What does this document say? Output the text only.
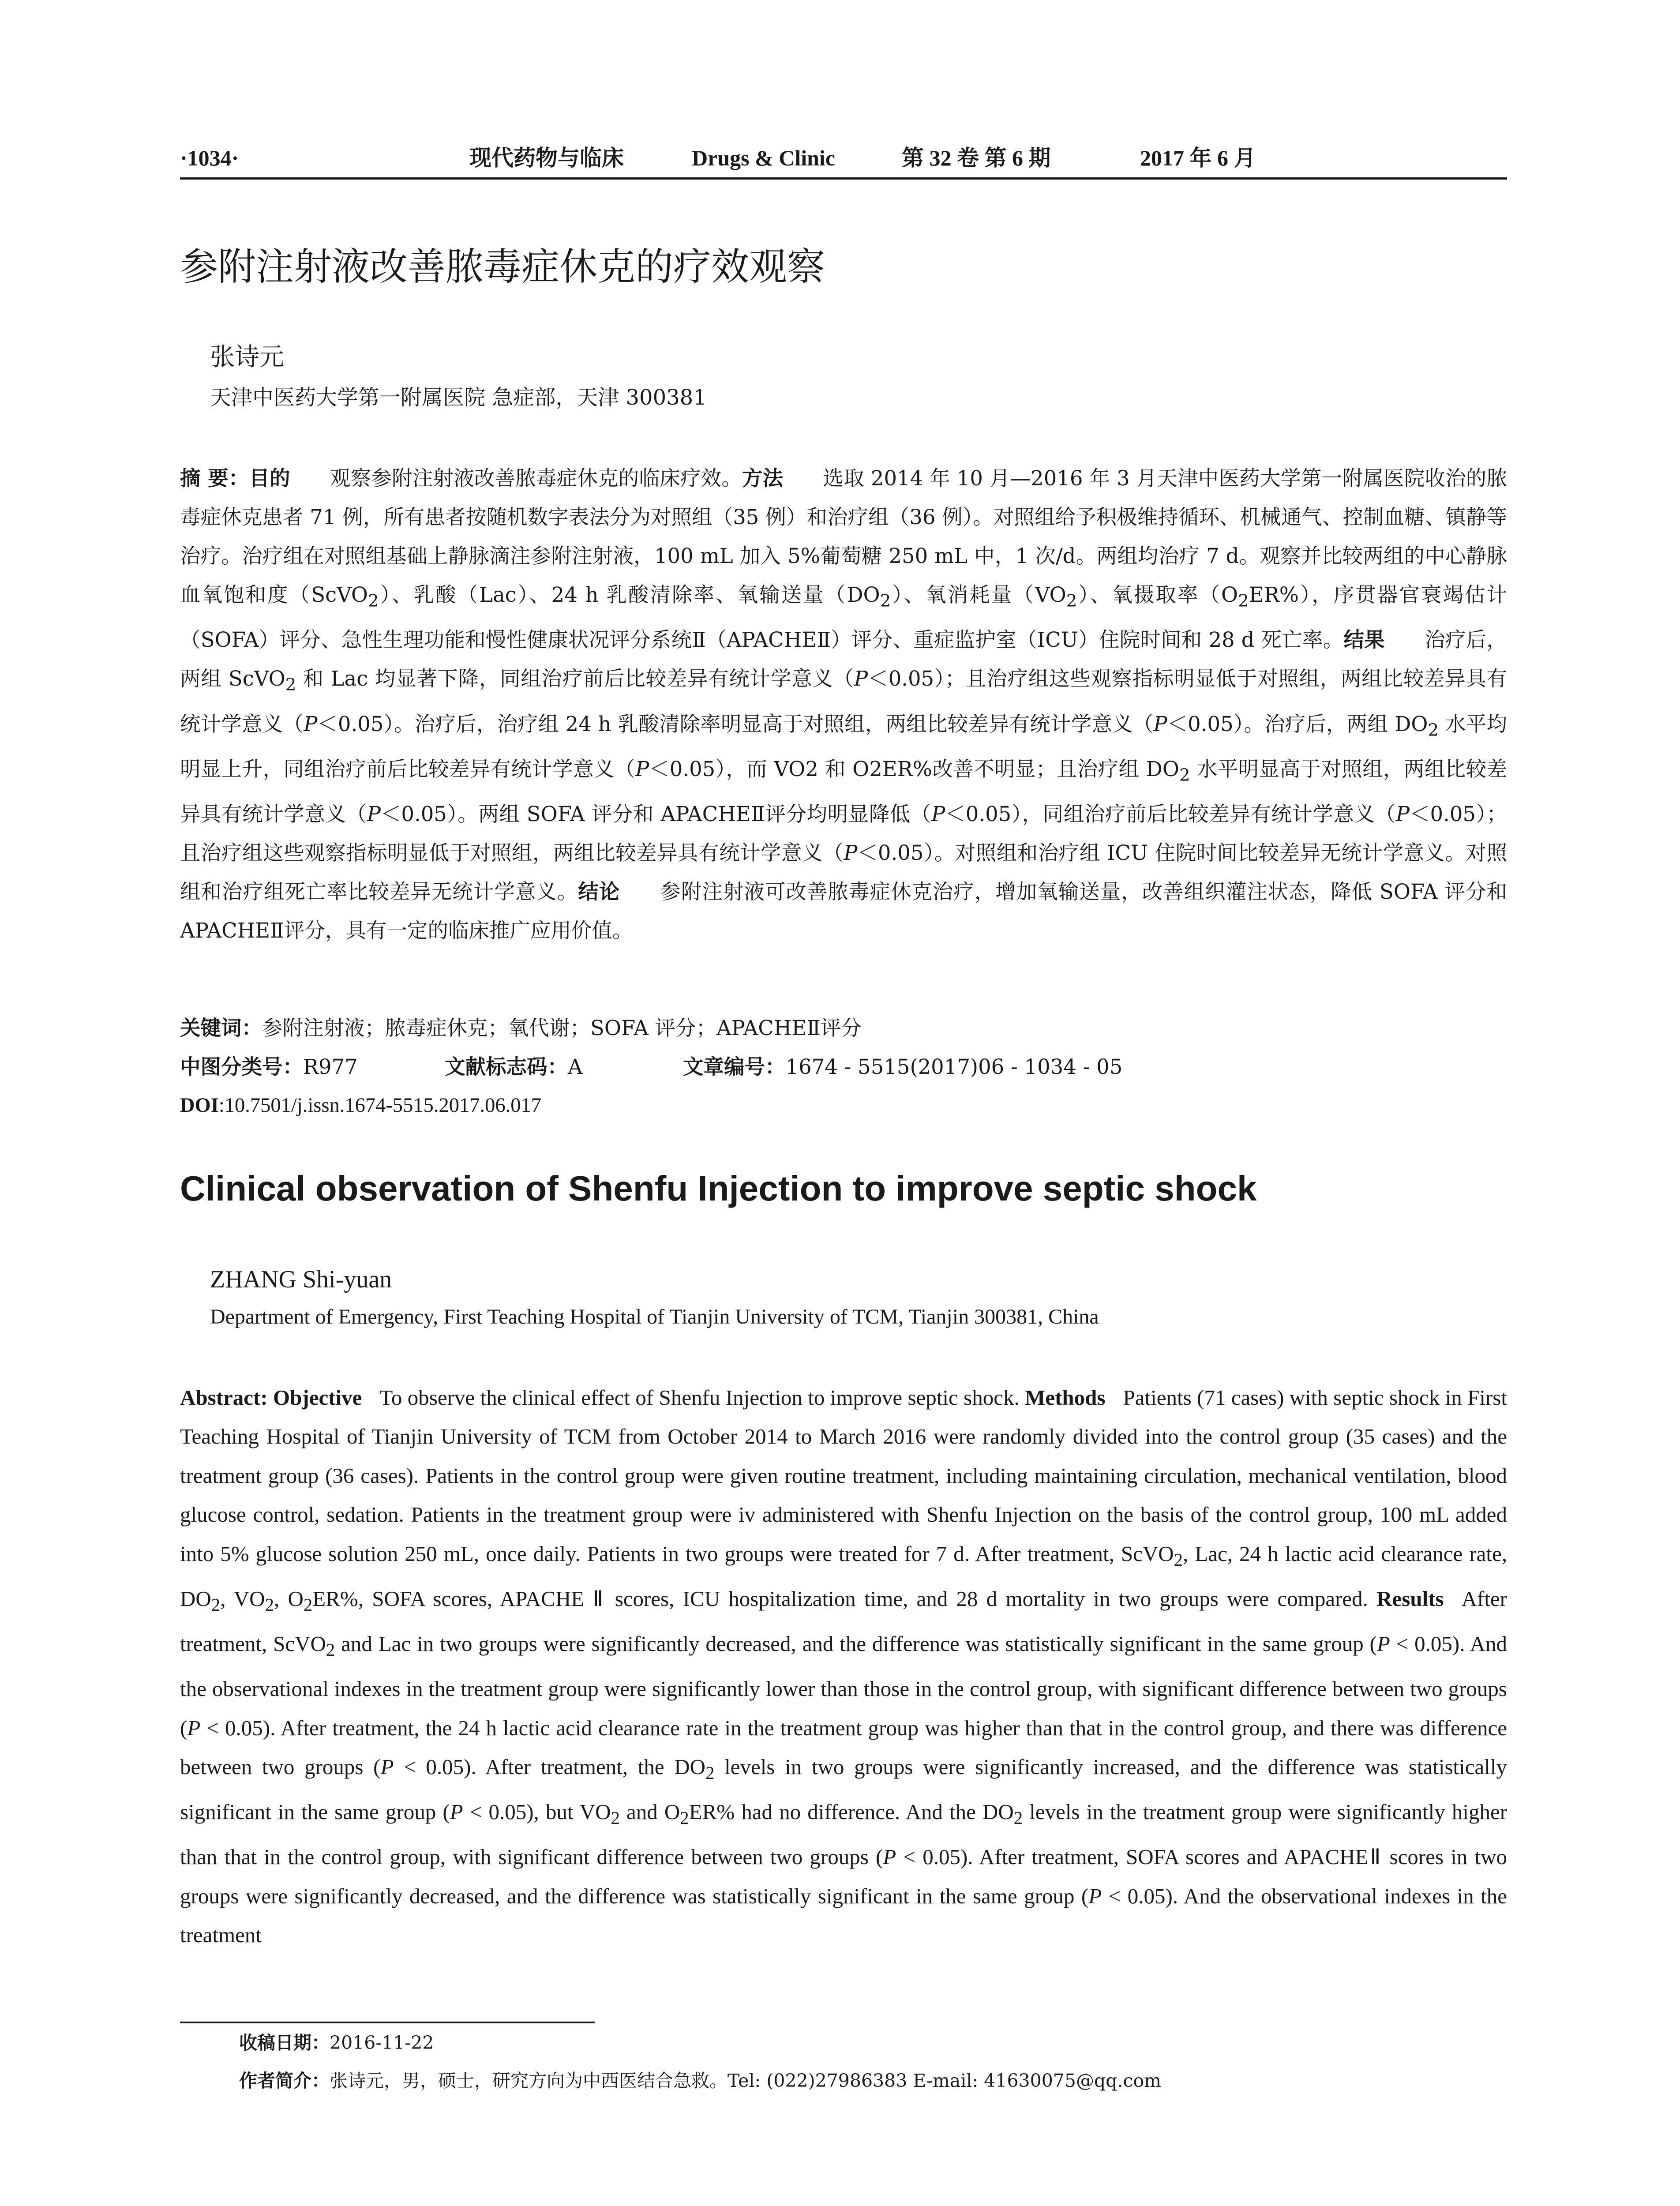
·1034·	现代药物与临床	Drugs & Clinic	第 32 卷 第 6 期	2017 年 6 月
参附注射液改善脓毒症休克的疗效观察
张诗元
天津中医药大学第一附属医院 急症部，天津 300381
摘 要：目的 观察参附注射液改善脓毒症休克的临床疗效。方法 选取 2014 年 10 月—2016 年 3 月天津中医药大学第一附属医院收治的脓毒症休克患者 71 例，所有患者按随机数字表法分为对照组（35 例）和治疗组（36 例）。对照组给予积极维持循环、机械通气、控制血糖、镇静等治疗。治疗组在对照组基础上静脉滴注参附注射液，100 mL 加入 5%葡萄糖 250 mL 中，1 次/d。两组均治疗 7 d。观察并比较两组的中心静脉血氧饱和度（ScVO$_2$）、乳酸（Lac）、24 h 乳酸清除率、氧输送量$(DO_2)$、氧消耗量$(VO_2)$、氧摄取率$(O_2ER\%)$，序贯器官衰竭估计（SOFA）评分、急性生理功能和慢性健康状况评分系统Ⅱ（APACHEⅡ）评分、重症监护室（ICU）住院时间和 28 d 死亡率。结果 治疗后，两组 ScVO$_2$ 和 Lac 均显著下降，同组治疗前后比较差异有统计学意义（P＜0.05）；且治疗组这些观察指标明显低于对照组，两组比较差异具有统计学意义（P＜0.05）。治疗后，治疗组 24 h 乳酸清除率明显高于对照组，两组比较差异有统计学意义（P＜0.05）。治疗后，两组 $DO_2$ 水平均明显上升，同组治疗前后比较差异有统计学意义（P＜0.05），而 VO2 和 O2ER%改善不明显；且治疗组 $DO_2$ 水平明显高于对照组，两组比较差异具有统计学意义（P＜0.05）。两组 SOFA 评分和 APACHEⅡ评分均明显降低（P＜0.05），同组治疗前后比较差异有统计学意义（P＜0.05）；且治疗组这些观察指标明显低于对照组，两组比较差异具有统计学意义（P＜0.05）。对照组和治疗组 ICU 住院时间比较差异无统计学意义。对照组和治疗组死亡率比较差异无统计学意义。结论 参附注射液可改善脓毒症休克治疗，增加氧输送量，改善组织灌注状态，降低 SOFA 评分和 APACHEⅡ评分，具有一定的临床推广应用价值。
关键词：参附注射液；脓毒症休克；氧代谢；SOFA 评分；APACHEⅡ评分
中图分类号：R977	文献标志码：A	文章编号：1674 - 5515(2017)06 - 1034 - 05
DOI:10.7501/j.issn.1674-5515.2017.06.017
Clinical observation of Shenfu Injection to improve septic shock
ZHANG Shi-yuan
Department of Emergency, First Teaching Hospital of Tianjin University of TCM, Tianjin 300381, China
Abstract: Objective To observe the clinical effect of Shenfu Injection to improve septic shock. Methods Patients (71 cases) with septic shock in First Teaching Hospital of Tianjin University of TCM from October 2014 to March 2016 were randomly divided into the control group (35 cases) and the treatment group (36 cases). Patients in the control group were given routine treatment, including maintaining circulation, mechanical ventilation, blood glucose control, sedation. Patients in the treatment group were iv administered with Shenfu Injection on the basis of the control group, 100 mL added into 5% glucose solution 250 mL, once daily. Patients in two groups were treated for 7 d. After treatment, ScVO$_2$, Lac, 24 h lactic acid clearance rate, $DO_2$, $VO_2$, $O_2ER\%$, SOFA scores, APACHE Ⅱ scores, ICU hospitalization time, and 28 d mortality in two groups were compared. Results After treatment, ScVO$_2$ and Lac in two groups were significantly decreased, and the difference was statistically significant in the same group (P < 0.05). And the observational indexes in the treatment group were significantly lower than those in the control group, with significant difference between two groups (P < 0.05). After treatment, the 24 h lactic acid clearance rate in the treatment group was higher than that in the control group, and there was difference between two groups (P < 0.05). After treatment, the $DO_2$ levels in two groups were significantly increased, and the difference was statistically significant in the same group (P < 0.05), but $VO_2$ and $O_2ER\%$ had no difference. And the $DO_2$ levels in the treatment group were significantly higher than that in the control group, with significant difference between two groups (P < 0.05). After treatment, SOFA scores and APACHEⅡ scores in two groups were significantly decreased, and the difference was statistically significant in the same group (P < 0.05). And the observational indexes in the treatment
收稿日期：2016-11-22
作者简介：张诗元，男，硕士，研究方向为中西医结合急救。Tel: (022)27986383 E-mail: 41630075@qq.com
